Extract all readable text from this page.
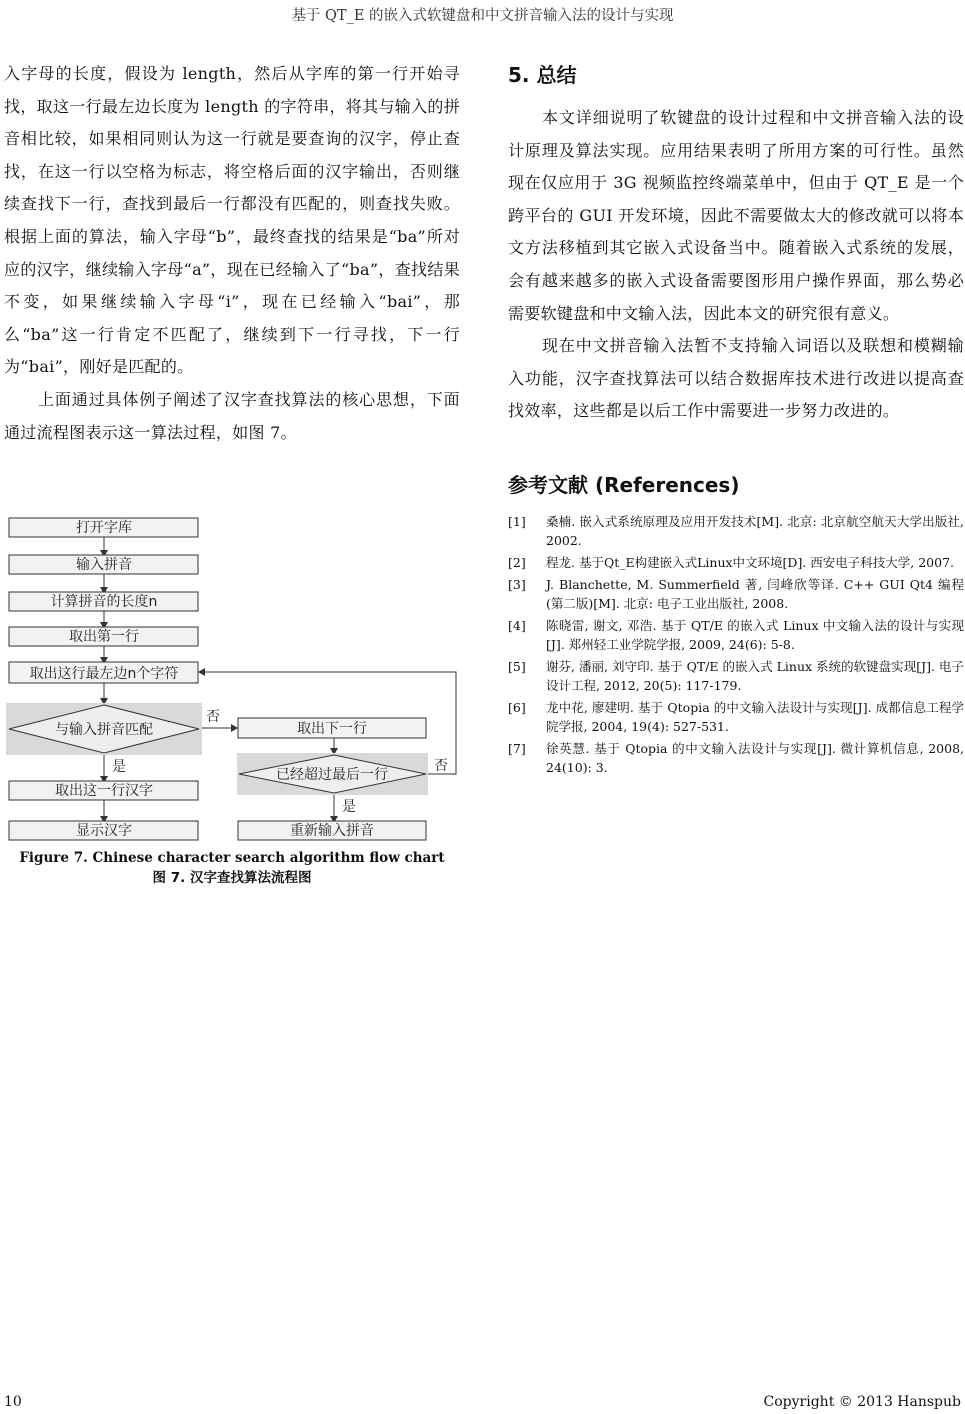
基于 QT_E 的嵌入式软键盘和中文拼音输入法的设计与实现

入字母的长度，假设为 length，然后从字库的第一行开始寻找，取这一行最左边长度为 length 的字符串，将其与输入的拼音相比较，如果相同则认为这一行就是要查询的汉字，停止查找，在这一行以空格为标志，将空格后面的汉字输出，否则继续查找下一行，查找到最后一行都没有匹配的，则查找失败。根据上面的算法，输入字母“b”，最终查找的结果是“ba”所对应的汉字，继续输入字母“a”，现在已经输入了“ba”，查找结果不变，如果继续输入字母“i”，现在已经输入“bai”，那么“ba”这一行肯定不匹配了，继续到下一行寻找，下一行为“bai”，刚好是匹配的。

上面通过具体例子阐述了汉字查找算法的核心思想，下面通过流程图表示这一算法过程，如图 7。

打开字库
输入拼音
计算拼音的长度n
取出第一行
取出这行最左边n个字符
与输入拼音匹配	取出下一行
已经超过最后一行
取出这一行汉字
显示汉字	重新输入拼音
否
是	否
是
Figure 7. Chinese character search algorithm flow chart
图 7. 汉字查找算法流程图
5. 总结

本文详细说明了软键盘的设计过程和中文拼音输入法的设计原理及算法实现。应用结果表明了所用方案的可行性。虽然现在仅应用于 3G 视频监控终端菜单中，但由于 QT_E 是一个跨平台的 GUI 开发环境，因此不需要做太大的修改就可以将本文方法移植到其它嵌入式设备当中。随着嵌入式系统的发展，会有越来越多的嵌入式设备需要图形用户操作界面，那么势必需要软键盘和中文输入法，因此本文的研究很有意义。

现在中文拼音输入法暂不支持输入词语以及联想和模糊输入功能，汉字查找算法可以结合数据库技术进行改进以提高查找效率，这些都是以后工作中需要进一步努力改进的。

参考文献 (References)
[1]	桑楠. 嵌入式系统原理及应用开发技术[M]. 北京: 北京航空航天大学出版社, 2002.
[2]	程龙. 基于Qt_E构建嵌入式Linux中文环境[D]. 西安电子科技大学, 2007.
[3]	J. Blanchette, M. Summerfield 著, 闫峰欣等译. C++ GUI Qt4 编程(第二版)[M]. 北京: 电子工业出版社, 2008.
[4]	陈晓雷, 谢文, 邓浩. 基于 QT/E 的嵌入式 Linux 中文输入法的设计与实现[J]. 郑州轻工业学院学报, 2009, 24(6): 5-8.
[5]	谢芬, 潘丽, 刘守印. 基于 QT/E 的嵌入式 Linux 系统的软键盘实现[J]. 电子设计工程, 2012, 20(5): 117-179.
[6]	龙中花, 廖建明. 基于 Qtopia 的中文输入法设计与实现[J]. 成都信息工程学院学报, 2004, 19(4): 527-531.
[7]	徐英慧. 基于 Qtopia 的中文输入法设计与实现[J]. 微计算机信息, 2008, 24(10): 3.
10	Copyright © 2013 Hanspub
